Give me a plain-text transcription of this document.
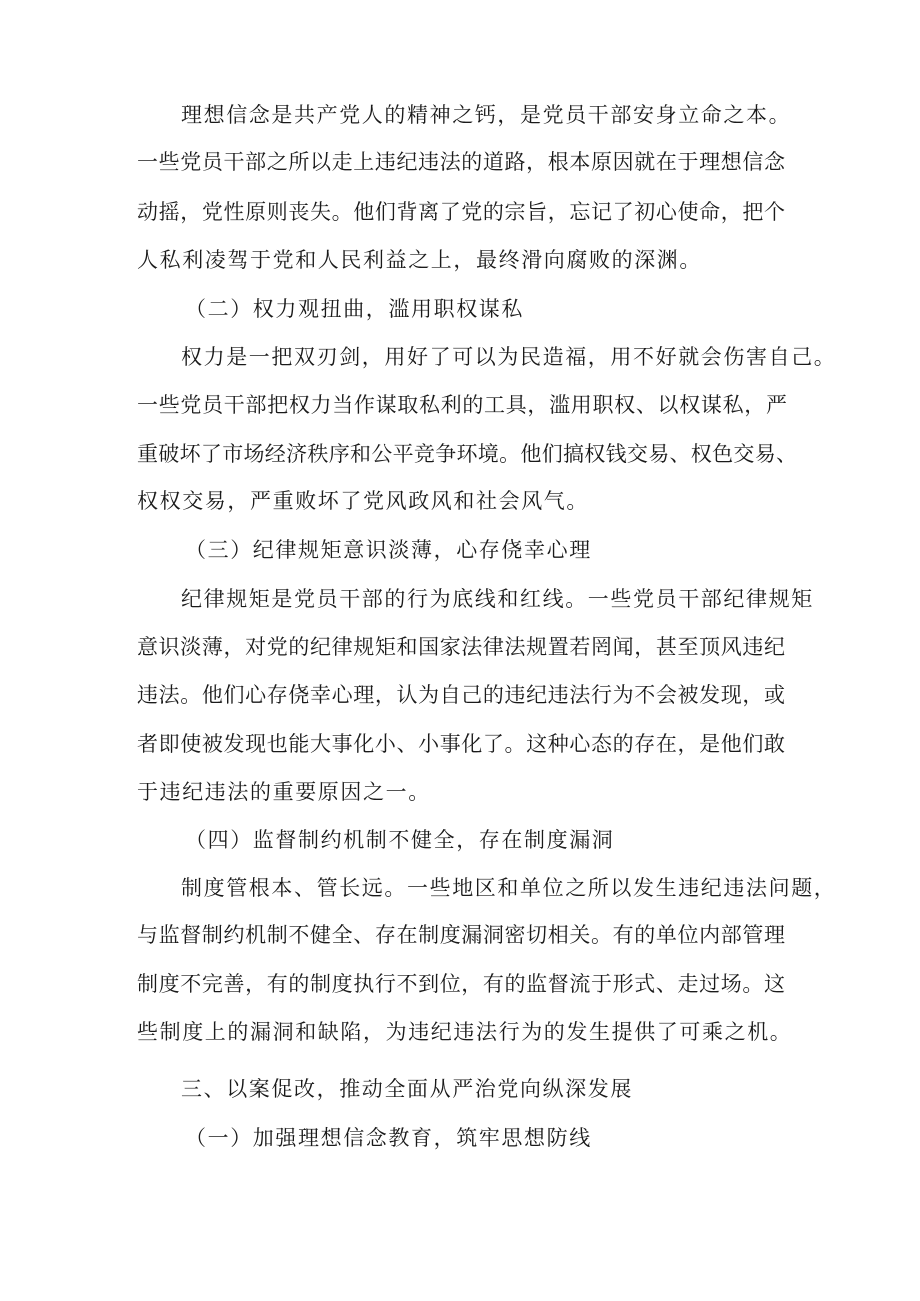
理想信念是共产党人的精神之钙，是党员干部安身立命之本。
一些党员干部之所以走上违纪违法的道路，根本原因就在于理想信念
动摇，党性原则丧失。他们背离了党的宗旨，忘记了初心使命，把个
人私利凌驾于党和人民利益之上，最终滑向腐败的深渊。
（二）权力观扭曲，滥用职权谋私
权力是一把双刃剑，用好了可以为民造福，用不好就会伤害自己。
一些党员干部把权力当作谋取私利的工具，滥用职权、以权谋私，严
重破坏了市场经济秩序和公平竞争环境。他们搞权钱交易、权色交易、
权权交易，严重败坏了党风政风和社会风气。
（三）纪律规矩意识淡薄，心存侥幸心理
纪律规矩是党员干部的行为底线和红线。一些党员干部纪律规矩
意识淡薄，对党的纪律规矩和国家法律法规置若罔闻，甚至顶风违纪
违法。他们心存侥幸心理，认为自己的违纪违法行为不会被发现，或
者即使被发现也能大事化小、小事化了。这种心态的存在，是他们敢
于违纪违法的重要原因之一。
（四）监督制约机制不健全，存在制度漏洞
制度管根本、管长远。一些地区和单位之所以发生违纪违法问题，
与监督制约机制不健全、存在制度漏洞密切相关。有的单位内部管理
制度不完善，有的制度执行不到位，有的监督流于形式、走过场。这
些制度上的漏洞和缺陷，为违纪违法行为的发生提供了可乘之机。
三、以案促改，推动全面从严治党向纵深发展
（一）加强理想信念教育，筑牢思想防线
